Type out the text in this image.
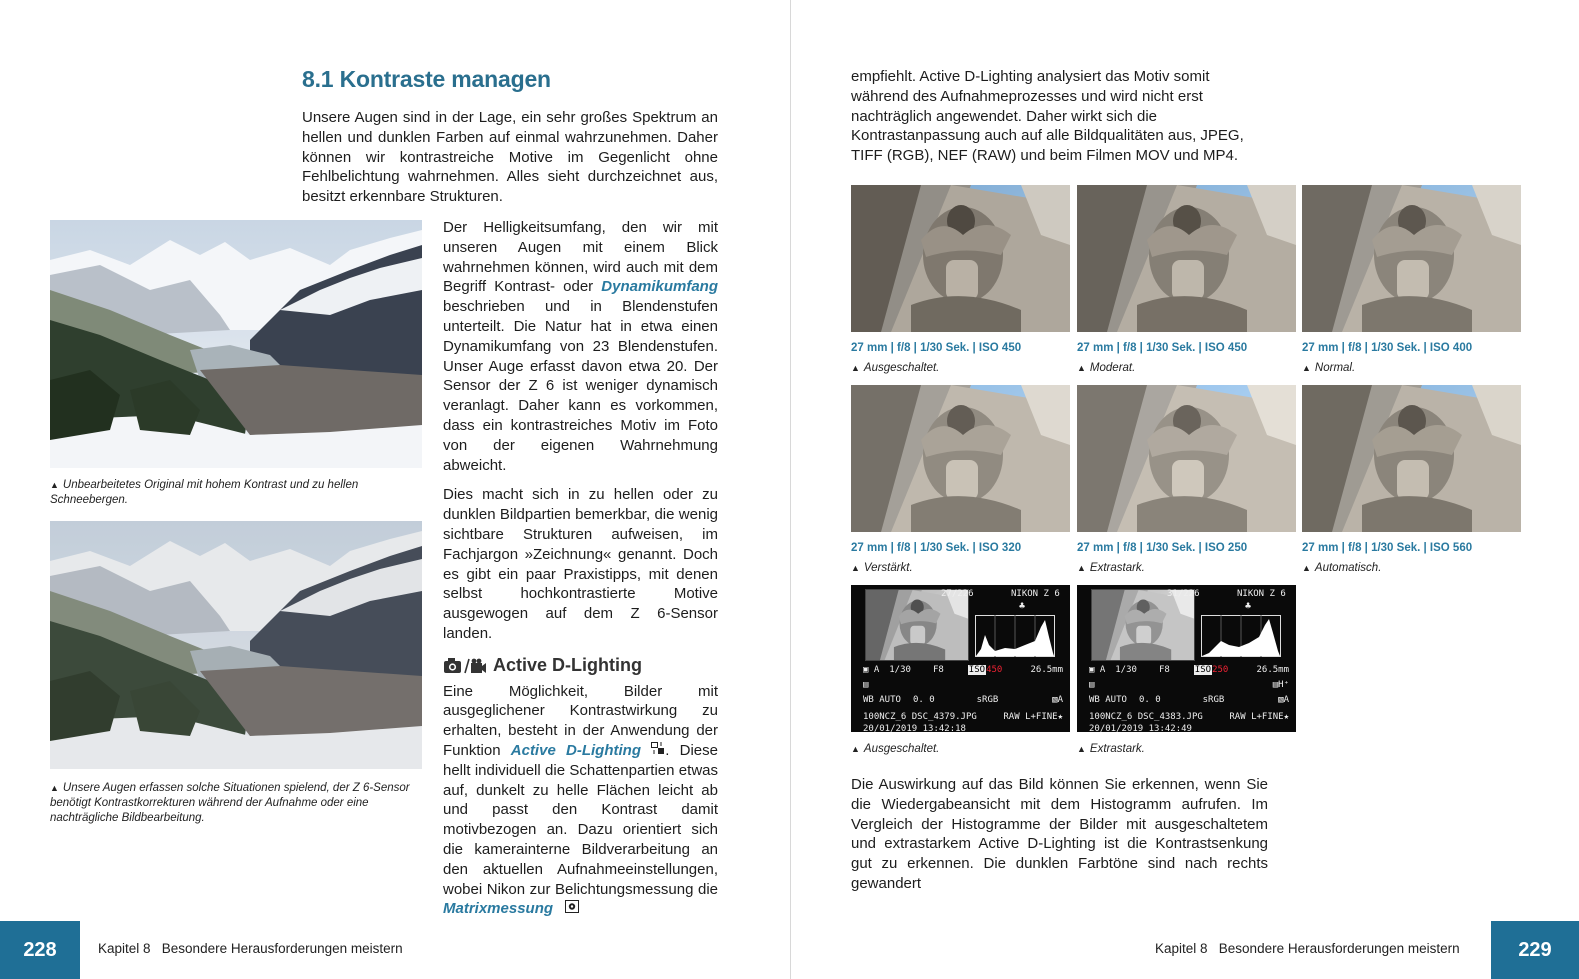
8.1 Kontraste managen
Unsere Augen sind in der Lage, ein sehr großes Spektrum an hellen und dunklen Farben auf einmal wahrzunehmen. Daher können wir kontrastreiche Motive im Gegenlicht ohne Fehlbelichtung wahrnehmen. Alles sieht durchzeichnet aus, besitzt erkennbare Strukturen.
▲ Unbearbeitetes Original mit hohem Kontrast und zu hellen Schneebergen.
▲ Unsere Augen erfassen solche Situationen spielend, der Z 6-Sensor benötigt Kontrastkorrekturen während der Aufnahme oder eine nachträgliche Bildbearbeitung.

Der Helligkeitsumfang, den wir mit unseren Augen mit einem Blick wahrnehmen können, wird auch mit dem Begriff Kontrast- oder Dynamikumfang beschrieben und in Blendenstufen unterteilt. Die Natur hat in etwa einen Dynamikumfang von 23 Blendenstufen. Unser Auge erfasst davon etwa 20. Der Sensor der Z 6 ist weniger dynamisch veranlagt. Daher kann es vorkommen, dass ein kontrastreiches Motiv im Foto von der eigenen Wahrnehmung abweicht.

Dies macht sich in zu hellen oder zu dunklen Bildpartien bemerkbar, die wenig sichtbare Strukturen aufweisen, im Fachjargon »Zeichnung« genannt. Doch es gibt ein paar Praxistipps, mit denen selbst hochkontrastierte Motive ausgewogen auf dem Z 6-Sensor landen.

Active D-Lighting

Eine Möglichkeit, Bilder mit ausgeglichener Kontrastwirkung zu erhalten, besteht in der Anwendung der Funktion Active D-Lighting . Diese hellt individuell die Schattenpartien etwas auf, dunkelt zu helle Flächen leicht ab und passt den Kontrast damit motivbezogen an. Dazu orientiert sich die kamerainterne Bildverarbeitung an den aktuellen Aufnahmeeinstellungen, wobei Nikon zur Belichtungsmessung die Matrixmessung

228	Kapitel 8   Besondere Herausforderungen meistern
empfiehlt. Active D-Lighting analysiert das Motiv somit während des Aufnahmeprozesses und wird nicht erst nachträglich angewendet. Daher wirkt sich die Kontrastanpassung auch auf alle Bildqualitäten aus, JPEG, TIFF (RGB), NEF (RAW) und beim Filmen MOV und MP4.
27 mm | f/8 | 1/30 Sek. | ISO 450	27 mm | f/8 | 1/30 Sek. | ISO 450	27 mm | f/8 | 1/30 Sek. | ISO 400
▲ Ausgeschaltet.	▲ Moderat.	▲ Normal.
27 mm | f/8 | 1/30 Sek. | ISO 320	27 mm | f/8 | 1/30 Sek. | ISO 250	27 mm | f/8 | 1/30 Sek. | ISO 560
▲ Verstärkt.	▲ Extrastark.	▲ Automatisch.
27/226	NIKON Z 6
♣
▣ A 1/30 F8	ISO450	26.5mm
▤
WB AUTO 0. 0	sRGB	▧A
100NCZ_6 DSC_4379.JPG	RAW L+FINE★
20/01/2019 13:42:18
31/226	NIKON Z 6
♣
▣ A 1/30 F8	ISO250	26.5mm
▤	▤H⁺
WB AUTO 0. 0	sRGB	▧A
100NCZ_6 DSC_4383.JPG	RAW L+FINE★
20/01/2019 13:42:49
▲ Ausgeschaltet.	▲ Extrastark.
Die Auswirkung auf das Bild können Sie erkennen, wenn Sie die Wiedergabeansicht mit dem Histogramm aufrufen. Im Vergleich der Histogramme der Bilder mit ausgeschaltetem und extrastarkem Active D-Lighting ist die Kontrastsenkung gut zu erkennen. Die dunklen Farbtöne sind nach rechts gewandert
Kapitel 8   Besondere Herausforderungen meistern	229
